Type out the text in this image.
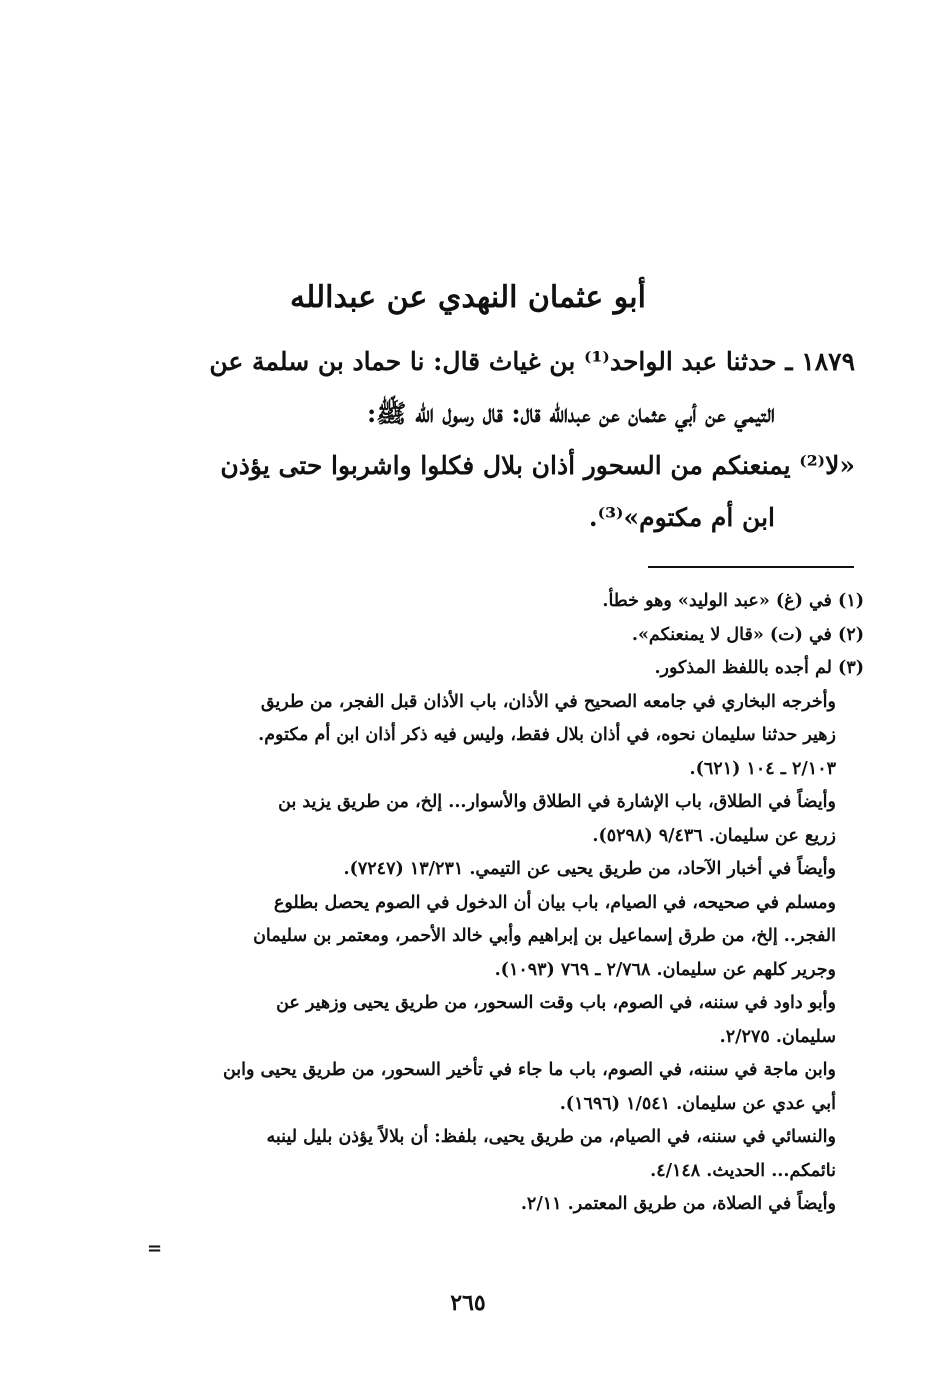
أبو عثمان النهدي عن عبدالله
١٨٧٩ ـ حدثنا عبد الواحد⁽¹⁾ بن غياث قال: نا حماد بن سلمة عن
التيمي عن أبي عثمان عن عبدالله قال: قال رسول الله ﷺ:
«لا⁽²⁾ يمنعنكم من السحور أذان بلال فكلوا واشربوا حتى يؤذن
ابن أم مكتوم»⁽³⁾.
(١) في (غ) «عبد الوليد» وهو خطأ.
(٢) في (ت) «قال لا يمنعنكم».
(٣) لم أجده باللفظ المذكور.
وأخرجه البخاري في جامعه الصحيح في الأذان، باب الأذان قبل الفجر، من طريق
زهير حدثنا سليمان نحوه، في أذان بلال فقط، وليس فيه ذكر أذان ابن أم مكتوم.
٢/١٠٣ ـ ١٠٤ (٦٢١).
وأيضاً في الطلاق، باب الإشارة في الطلاق والأسوار... إلخ، من طريق يزيد بن
زريع عن سليمان. ٩/٤٣٦ (٥٢٩٨).
وأيضاً في أخبار الآحاد، من طريق يحيى عن التيمي. ١٣/٢٣١ (٧٢٤٧).
ومسلم في صحيحه، في الصيام، باب بيان أن الدخول في الصوم يحصل بطلوع
الفجر.. إلخ، من طرق إسماعيل بن إبراهيم وأبي خالد الأحمر، ومعتمر بن سليمان
وجرير كلهم عن سليمان. ٢/٧٦٨ ـ ٧٦٩ (١٠٩٣).
وأبو داود في سننه، في الصوم، باب وقت السحور، من طريق يحيى وزهير عن
سليمان. ٢/٢٧٥.
وابن ماجة في سننه، في الصوم، باب ما جاء في تأخير السحور، من طريق يحيى وابن
أبي عدي عن سليمان. ١/٥٤١ (١٦٩٦).
والنسائي في سننه، في الصيام، من طريق يحيى، بلفظ: أن بلالاً يؤذن بليل لينبه
نائمكم... الحديث. ٤/١٤٨.
وأيضاً في الصلاة، من طريق المعتمر. ٢/١١.
=
٢٦٥
